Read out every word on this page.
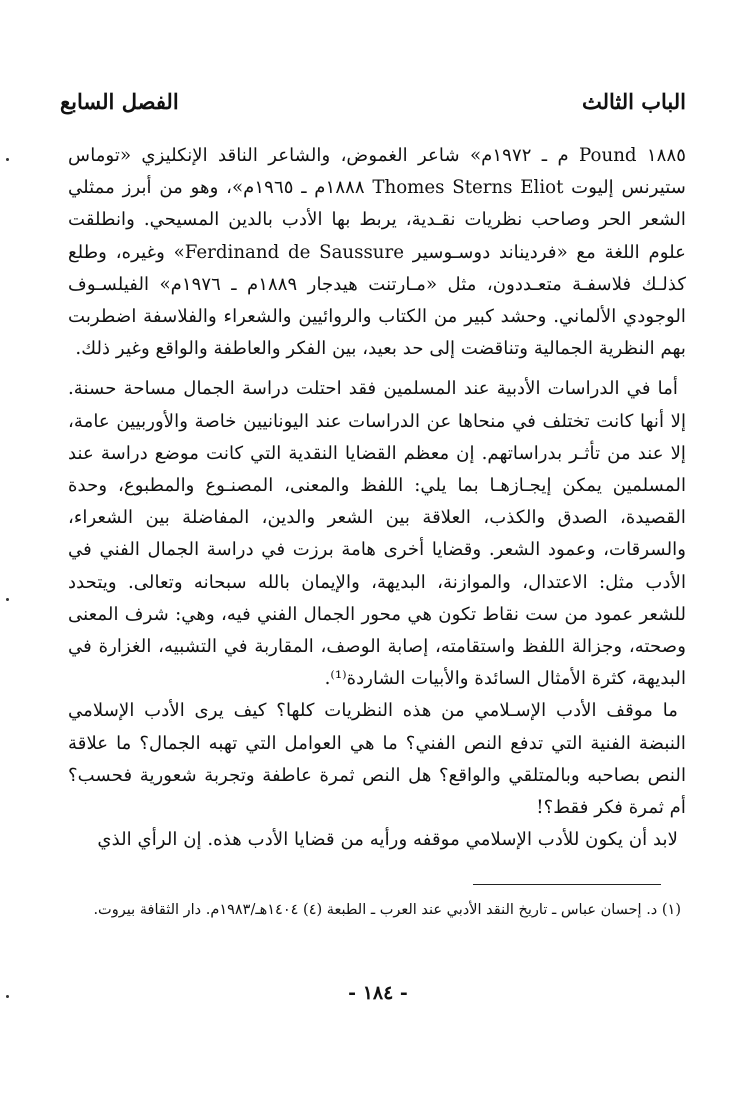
الباب الثالث
الفصل السابع

١٨٨٥ Pound م ـ ١٩٧٢م» شاعر الغموض، والشاعر الناقد الإنكليزي «توماس ستيرنس إليوت Thomes Sterns Eliot ١٨٨٨م ـ ١٩٦٥م»، وهو من أبرز ممثلي الشعر الحر وصاحب نظريات نقـدية، يربط بها الأدب بالدين المسيحي. وانطلقت علوم اللغة مع «فرديناند دوسـوسير Ferdinand de Saussure» وغيره، وطلع كذلـك فلاسفـة متعـددون، مثل «مـارتنت هيدجار ١٨٨٩م ـ ١٩٧٦م» الفيلسـوف الوجودي الألماني. وحشد كبير من الكتاب والروائيين والشعراء والفلاسفة اضطربت بهم النظرية الجمالية وتناقضت إلى حد بعيد، بين الفكر والعاطفة والواقع وغير ذلك.

أما في الدراسات الأدبية عند المسلمين فقد احتلت دراسة الجمال مساحة حسنة. إلا أنها كانت تختلف في منحاها عن الدراسات عند اليونانيين خاصة والأوربيين عامة، إلا عند من تأثـر بدراساتهم. إن معظم القضايا النقدية التي كانت موضع دراسة عند المسلمين يمكن إيجـازهـا بما يلي: اللفظ والمعنى، المصنـوع والمطبوع، وحدة القصيدة، الصدق والكذب، العلاقة بين الشعر والدين، المفاضلة بين الشعراء، والسرقات، وعمود الشعر. وقضايا أخرى هامة برزت في دراسة الجمال الفني في الأدب مثل: الاعتدال، والموازنة، البديهة، والإيمان بالله سبحانه وتعالى. ويتحدد للشعر عمود من ست نقاط تكون هي محور الجمال الفني فيه، وهي: شرف المعنى وصحته، وجزالة اللفظ واستقامته، إصابة الوصف، المقاربة في التشبيه، الغزارة في البديهة، كثرة الأمثال السائدة والأبيات الشاردة⁽¹⁾.

ما موقف الأدب الإسـلامي من هذه النظريات كلها؟ كيف يرى الأدب الإسلامي النبضة الفنية التي تدفع النص الفني؟ ما هي العوامل التي تهبه الجمال؟ ما علاقة النص بصاحبه وبالمتلقي والواقع؟ هل النص ثمرة عاطفة وتجربة شعورية فحسب؟ أم ثمرة فكر فقط؟!

لابد أن يكون للأدب الإسلامي موقفه ورأيه من قضايا الأدب هذه. إن الرأي الذي

(١) د. إحسان عباس ـ تاريخ النقد الأدبي عند العرب ـ الطبعة (٤) ١٤٠٤هـ/١٩٨٣م. دار الثقافة بيروت.
- ١٨٤ -
